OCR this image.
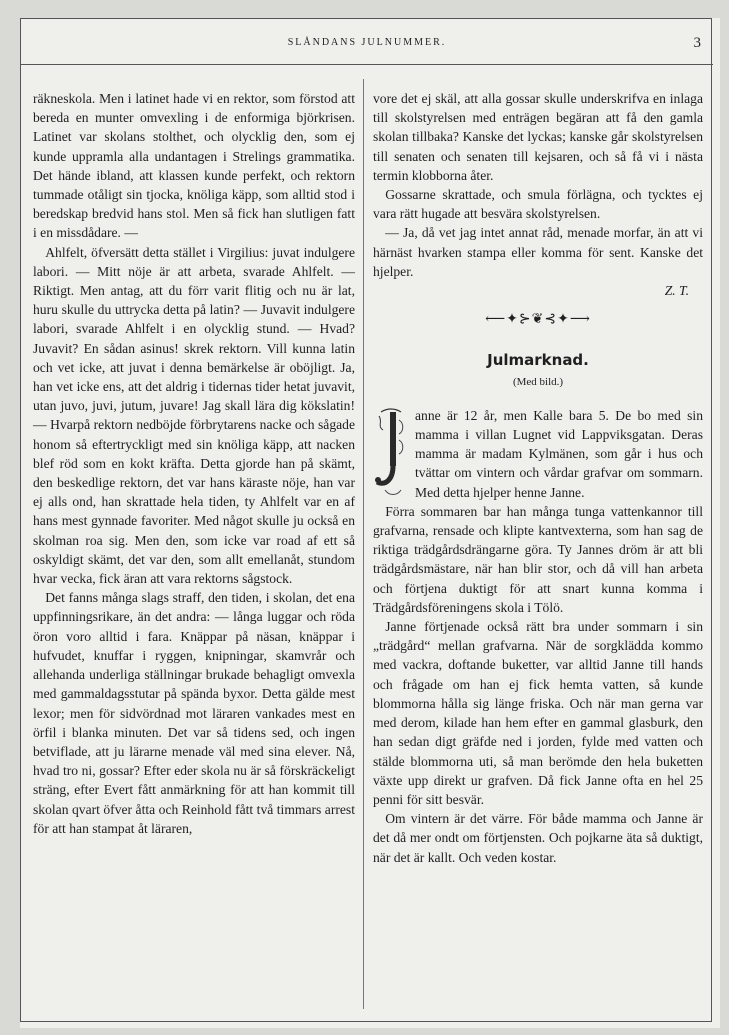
SLÅNDANS JULNUMMER.	3

räkneskola. Men i latinet hade vi en rektor, som förstod att bereda en munter omvexling i de enformiga björkrisen. Latinet var skolans stolthet, och olycklig den, som ej kunde uppramla alla undantagen i Strelings grammatika. Det hände ibland, att klassen kunde perfekt, och rektorn tummade otåligt sin tjocka, knöliga käpp, som alltid stod i beredskap bredvid hans stol. Men så fick han slutligen fatt i en missdådare. —

Ahlfelt, öfversätt detta stället i Virgilius: juvat indulgere labori. — Mitt nöje är att arbeta, svarade Ahlfelt. — Riktigt. Men antag, att du förr varit flitig och nu är lat, huru skulle du uttrycka detta på latin? — Juvavit indulgere labori, svarade Ahlfelt i en olycklig stund. — Hvad? Juvavit? En sådan asinus! skrek rektorn. Vill kunna latin och vet icke, att juvat i denna bemärkelse är oböjligt. Ja, han vet icke ens, att det aldrig i tidernas tider hetat juvavit, utan juvo, juvi, jutum, juvare! Jag skall lära dig kökslatin! — Hvarpå rektorn nedböjde förbrytarens nacke och sågade honom så eftertryckligt med sin knöliga käpp, att nacken blef röd som en kokt kräfta. Detta gjorde han på skämt, den beskedlige rektorn, det var hans käraste nöje, han var ej alls ond, han skrattade hela tiden, ty Ahlfelt var en af hans mest gynnade favoriter. Med något skulle ju också en skolman roa sig. Men den, som icke var road af ett så oskyldigt skämt, det var den, som allt emellanåt, stundom hvar vecka, fick äran att vara rektorns sågstock.

Det fanns många slags straff, den tiden, i skolan, det ena uppfinningsrikare, än det andra: — långa luggar och röda öron voro alltid i fara. Knäppar på näsan, knäppar i hufvudet, knuffar i ryggen, knipningar, skamvrår och allehanda underliga ställningar brukade behagligt omvexla med gammaldagsstutar på spända byxor. Detta gälde mest lexor; men för sidvördnad mot läraren vankades mest en örfil i blanka minuten. Det var så tidens sed, och ingen betviflade, att ju lärarne menade väl med sina elever. Nå, hvad tro ni, gossar? Efter eder skola nu är så förskräckeligt sträng, efter Evert fått anmärkning för att han kommit till skolan qvart öfver åtta och Reinhold fått två timmars arrest för att han stampat åt läraren,

vore det ej skäl, att alla gossar skulle underskrifva en inlaga till skolstyrelsen med enträgen begäran att få den gamla skolan tillbaka? Kanske det lyckas; kanske går skolstyrelsen till senaten och senaten till kejsaren, och så få vi i nästa termin klobborna åter.

Gossarne skrattade, och smula förlägna, och tycktes ej vara rätt hugade att besvära skolstyrelsen.

— Ja, då vet jag intet annat råd, menade morfar, än att vi härnäst hvarken stampa eller komma för sent. Kanske det hjelper.

Z. T.
⟵✦⊱❦⊰✦⟶
Julmarknad.
(Med bild.)

anne är 12 år, men Kalle bara 5. De bo med sin mamma i villan Lugnet vid Lappviksgatan. Deras mamma är madam Kylmänen, som går i hus och tvättar om vintern och vårdar grafvar om sommarn. Med detta hjelper henne Janne.

Förra sommaren bar han många tunga vattenkannor till grafvarna, rensade och klipte kantvexterna, som han sag de riktiga trädgårdsdrängarne göra. Ty Jannes dröm är att bli trädgårdsmästare, när han blir stor, och då vill han arbeta och förtjena duktigt för att snart kunna komma i Trädgårdsföreningens skola i Tölö.

Janne förtjenade också rätt bra under sommarn i sin „trädgård“ mellan grafvarna. När de sorgklädda kommo med vackra, doftande buketter, var alltid Janne till hands och frågade om han ej fick hemta vatten, så kunde blommorna hålla sig länge friska. Och när man gerna var med derom, kilade han hem efter en gammal glasburk, den han sedan digt gräfde ned i jorden, fylde med vatten och stälde blommorna uti, så man berömde den hela buketten växte upp direkt ur grafven. Då fick Janne ofta en hel 25 penni för sitt besvär.

Om vintern är det värre. För både mamma och Janne är det då mer ondt om förtjensten. Och pojkarne äta så duktigt, när det är kallt. Och veden kostar.
